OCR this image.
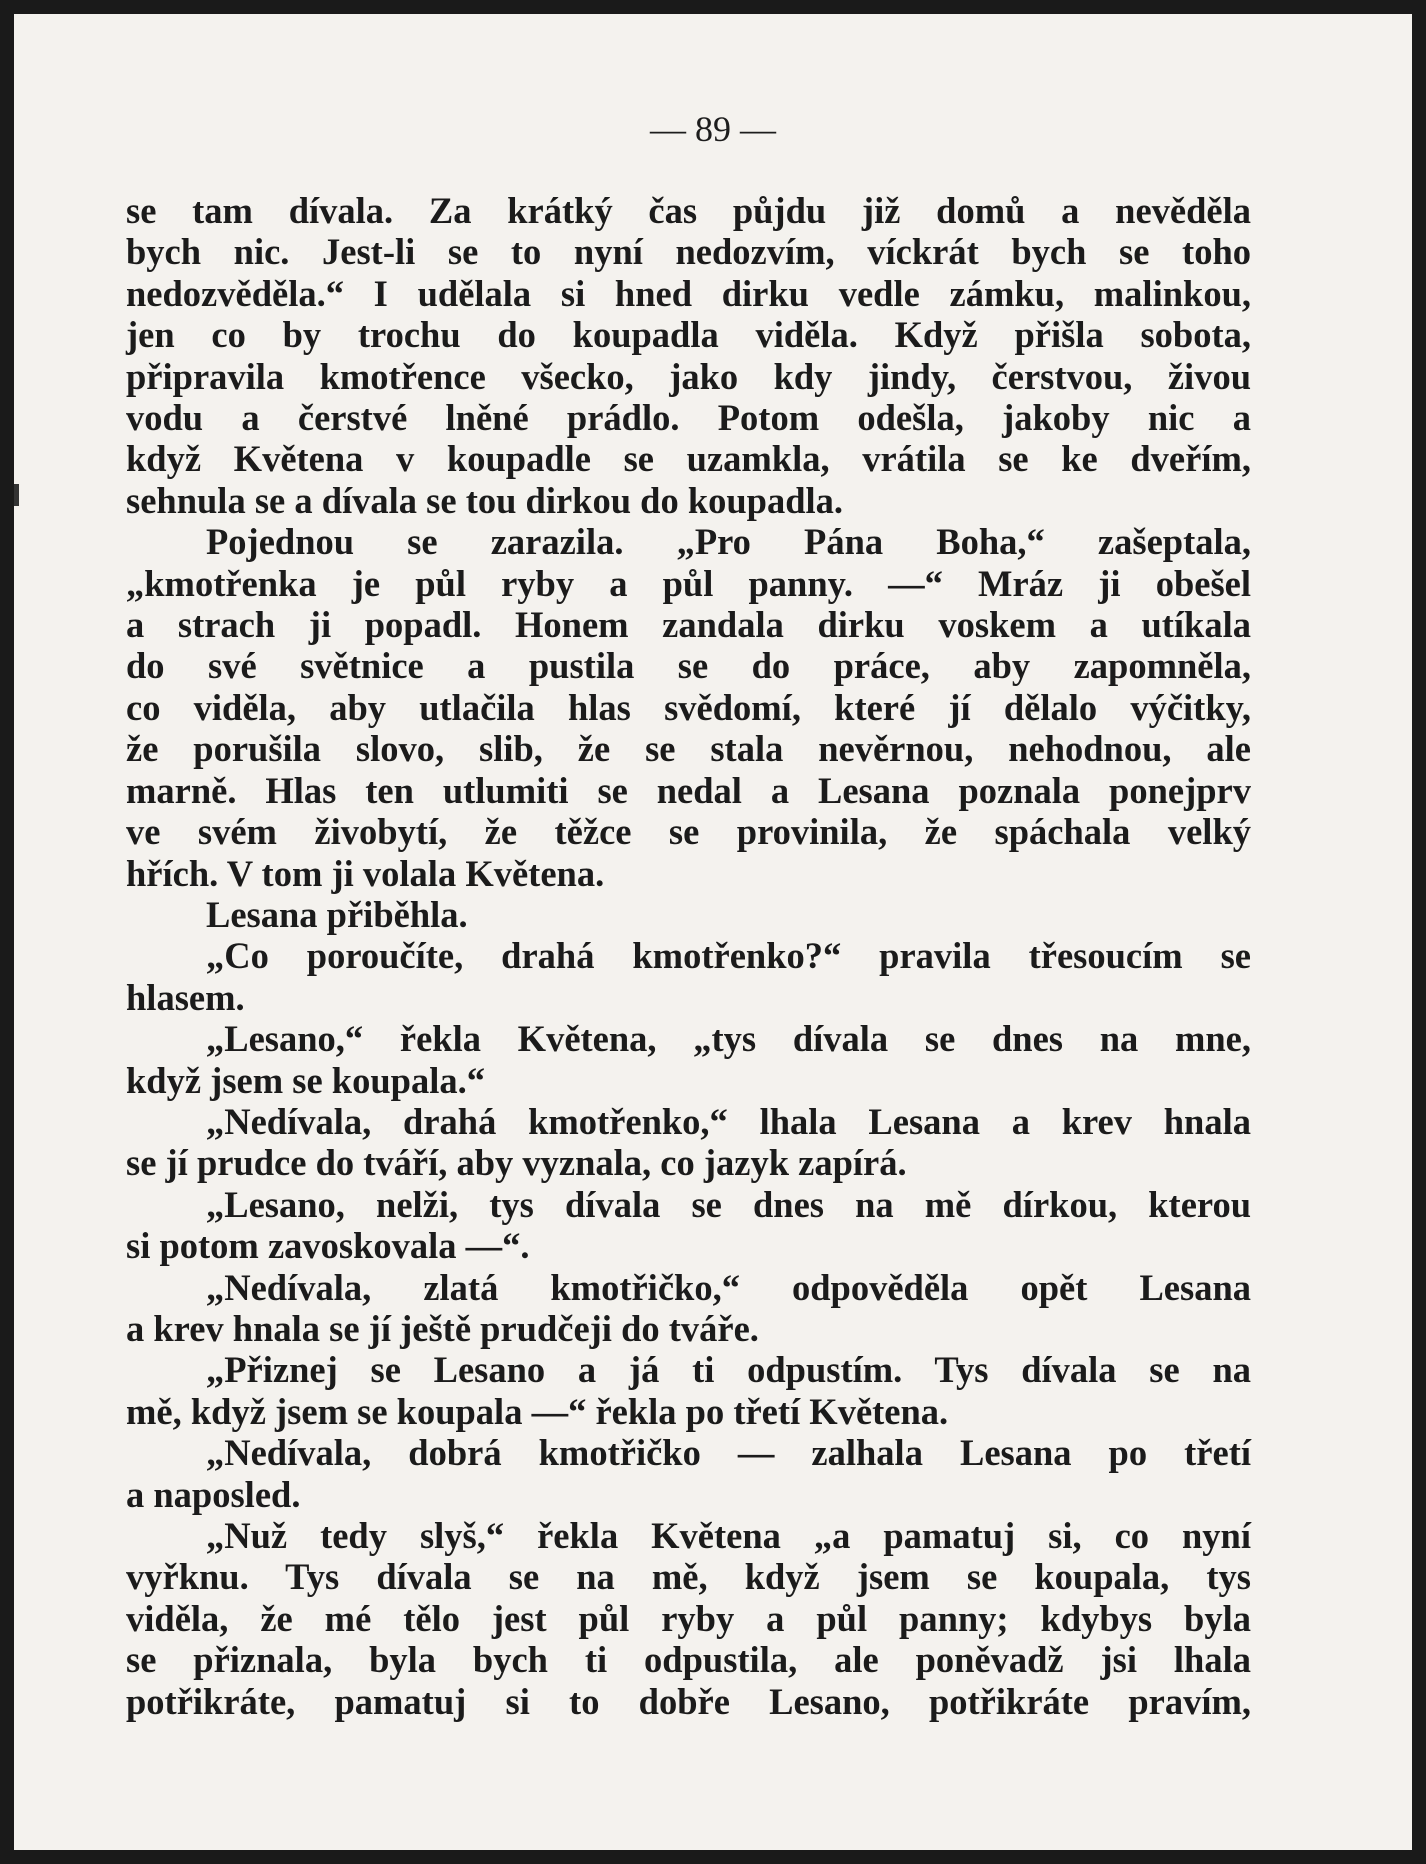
— 89 —
se tam dívala. Za krátký čas půjdu již domů a nevěděla
bych nic. Jest-li se to nyní nedozvím, víckrát bych se toho
nedozvěděla.“ I udělala si hned dirku vedle zámku, malinkou,
jen co by trochu do koupadla viděla. Když přišla sobota,
připravila kmotřence všecko, jako kdy jindy, čerstvou, živou
vodu a čerstvé lněné prádlo. Potom odešla, jakoby nic a
když Květena v koupadle se uzamkla, vrátila se ke dveřím,
sehnula se a dívala se tou dirkou do koupadla.
Pojednou se zarazila. „Pro Pána Boha,“ zašeptala,
„kmotřenka je půl ryby a půl panny. —“ Mráz ji obešel
a strach ji popadl. Honem zandala dirku voskem a utíkala
do své světnice a pustila se do práce, aby zapomněla,
co viděla, aby utlačila hlas svědomí, které jí dělalo výčitky,
že porušila slovo, slib, že se stala nevěrnou, nehodnou, ale
marně. Hlas ten utlumiti se nedal a Lesana poznala ponejprv
ve svém živobytí, že těžce se provinila, že spáchala velký
hřích. V tom ji volala Květena.
Lesana přiběhla.
„Co poroučíte, drahá kmotřenko?“ pravila třesoucím se
hlasem.
„Lesano,“ řekla Květena, „tys dívala se dnes na mne,
když jsem se koupala.“
„Nedívala, drahá kmotřenko,“ lhala Lesana a krev hnala
se jí prudce do tváří, aby vyznala, co jazyk zapírá.
„Lesano, nelži, tys dívala se dnes na mě dírkou, kterou
si potom zavoskovala —“.
„Nedívala, zlatá kmotřičko,“ odpověděla opět Lesana
a krev hnala se jí ještě prudčeji do tváře.
„Přiznej se Lesano a já ti odpustím. Tys dívala se na
mě, když jsem se koupala —“ řekla po třetí Květena.
„Nedívala, dobrá kmotřičko — zalhala Lesana po třetí
a naposled.
„Nuž tedy slyš,“ řekla Květena „a pamatuj si, co nyní
vyřknu. Tys dívala se na mě, když jsem se koupala, tys
viděla, že mé tělo jest půl ryby a půl panny; kdybys byla
se přiznala, byla bych ti odpustila, ale poněvadž jsi lhala
potřikráte, pamatuj si to dobře Lesano, potřikráte pravím,
